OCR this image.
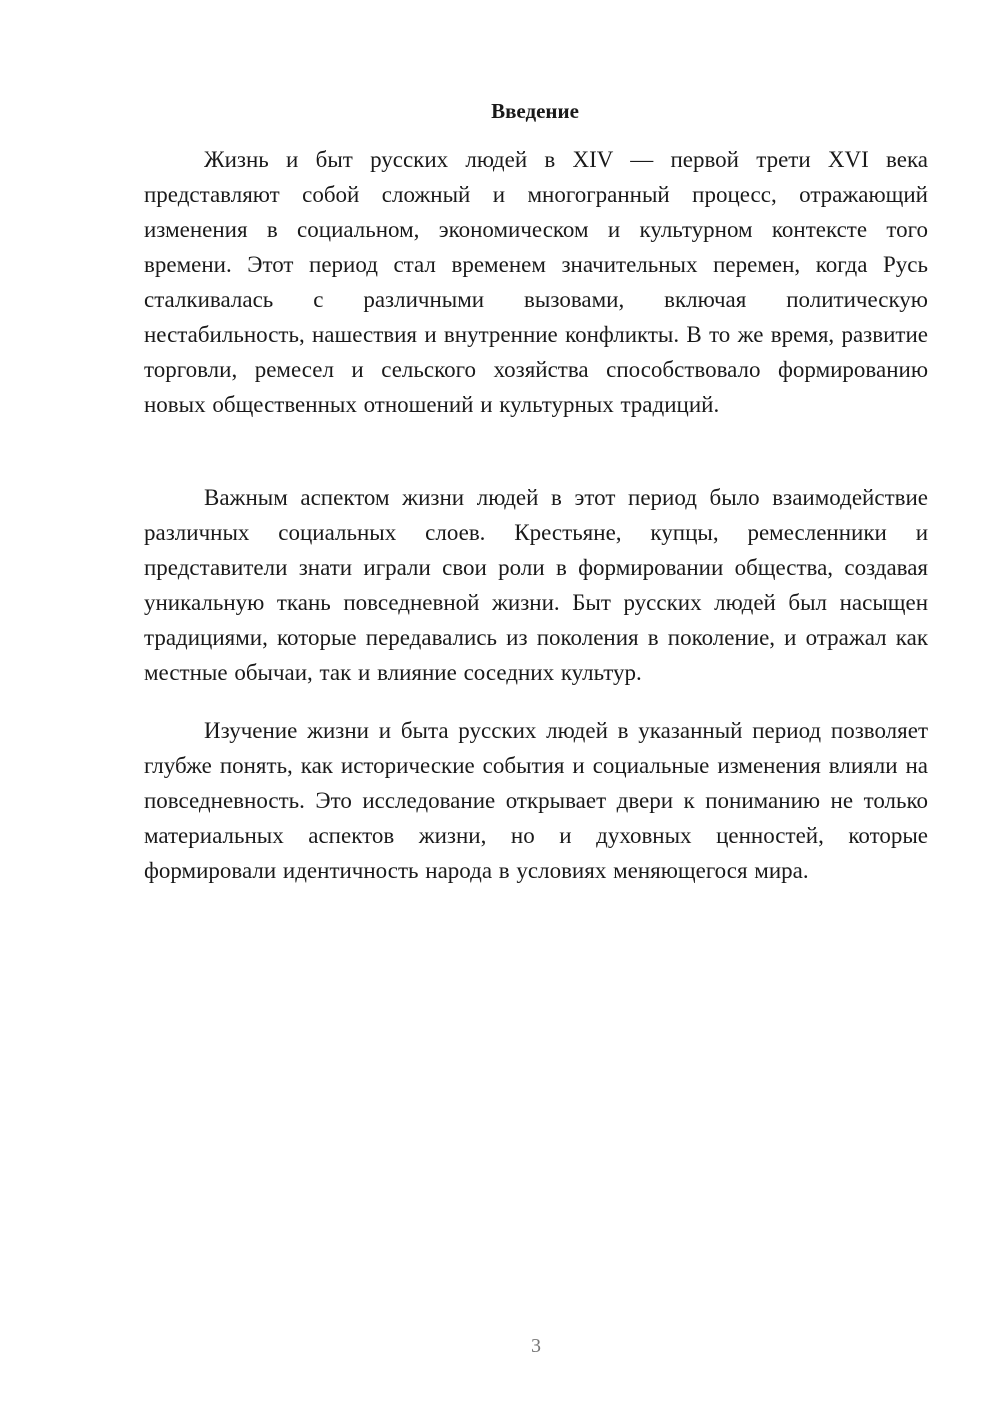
Введение

Жизнь и быт русских людей в XIV — первой трети XVI века представляют собой сложный и многогранный процесс, отражающий изменения в социальном, экономическом и культурном контексте того времени. Этот период стал временем значительных перемен, когда Русь сталкивалась с различными вызовами, включая политическую нестабильность, нашествия и внутренние конфликты. В то же время, развитие торговли, ремесел и сельского хозяйства способствовало формированию новых общественных отношений и культурных традиций.

Важным аспектом жизни людей в этот период было взаимодействие различных социальных слоев. Крестьяне, купцы, ремесленники и представители знати играли свои роли в формировании общества, создавая уникальную ткань повседневной жизни. Быт русских людей был насыщен традициями, которые передавались из поколения в поколение, и отражал как местные обычаи, так и влияние соседних культур.

Изучение жизни и быта русских людей в указанный период позволяет глубже понять, как исторические события и социальные изменения влияли на повседневность. Это исследование открывает двери к пониманию не только материальных аспектов жизни, но и духовных ценностей, которые формировали идентичность народа в условиях меняющегося мира.

3
